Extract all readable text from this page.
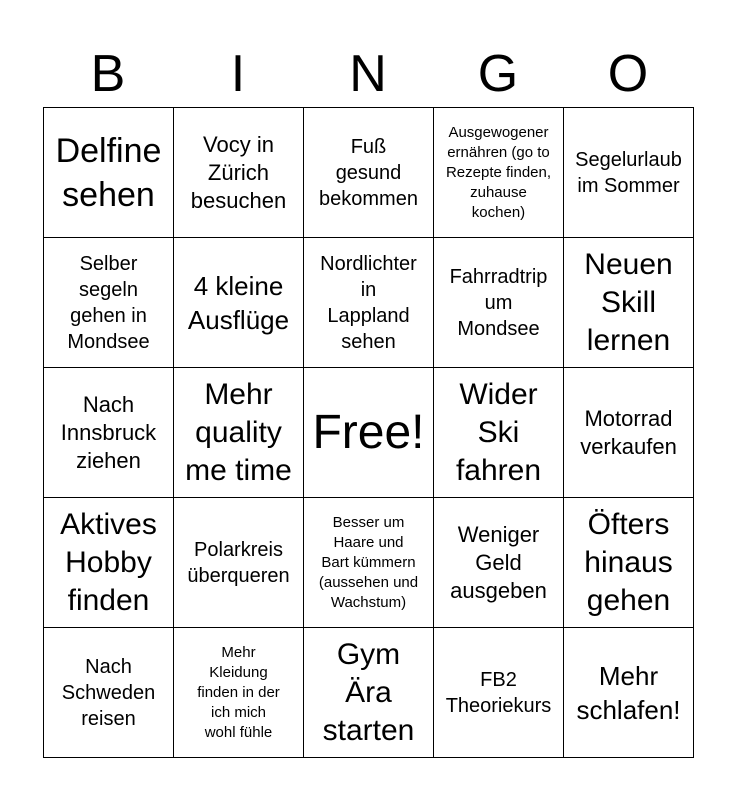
B	I	N	G	O
Delfine
sehen
Vocy in
Zürich
besuchen
Fuß
gesund
bekommen
Ausgewogener
ernähren (go to
Rezepte finden,
zuhause
kochen)
Segelurlaub
im Sommer
Selber
segeln
gehen in
Mondsee
4 kleine
Ausflüge
Nordlichter
in
Lappland
sehen
Fahrradtrip
um
Mondsee
Neuen
Skill
lernen
Nach
Innsbruck
ziehen
Mehr
quality
me time
Free!
Wider
Ski
fahren
Motorrad
verkaufen
Aktives
Hobby
finden
Polarkreis
überqueren
Besser um
Haare und
Bart kümmern
(aussehen und
Wachstum)
Weniger
Geld
ausgeben
Öfters
hinaus
gehen
Nach
Schweden
reisen
Mehr
Kleidung
finden in der
ich mich
wohl fühle
Gym
Ära
starten
FB2
Theoriekurs
Mehr
schlafen!
